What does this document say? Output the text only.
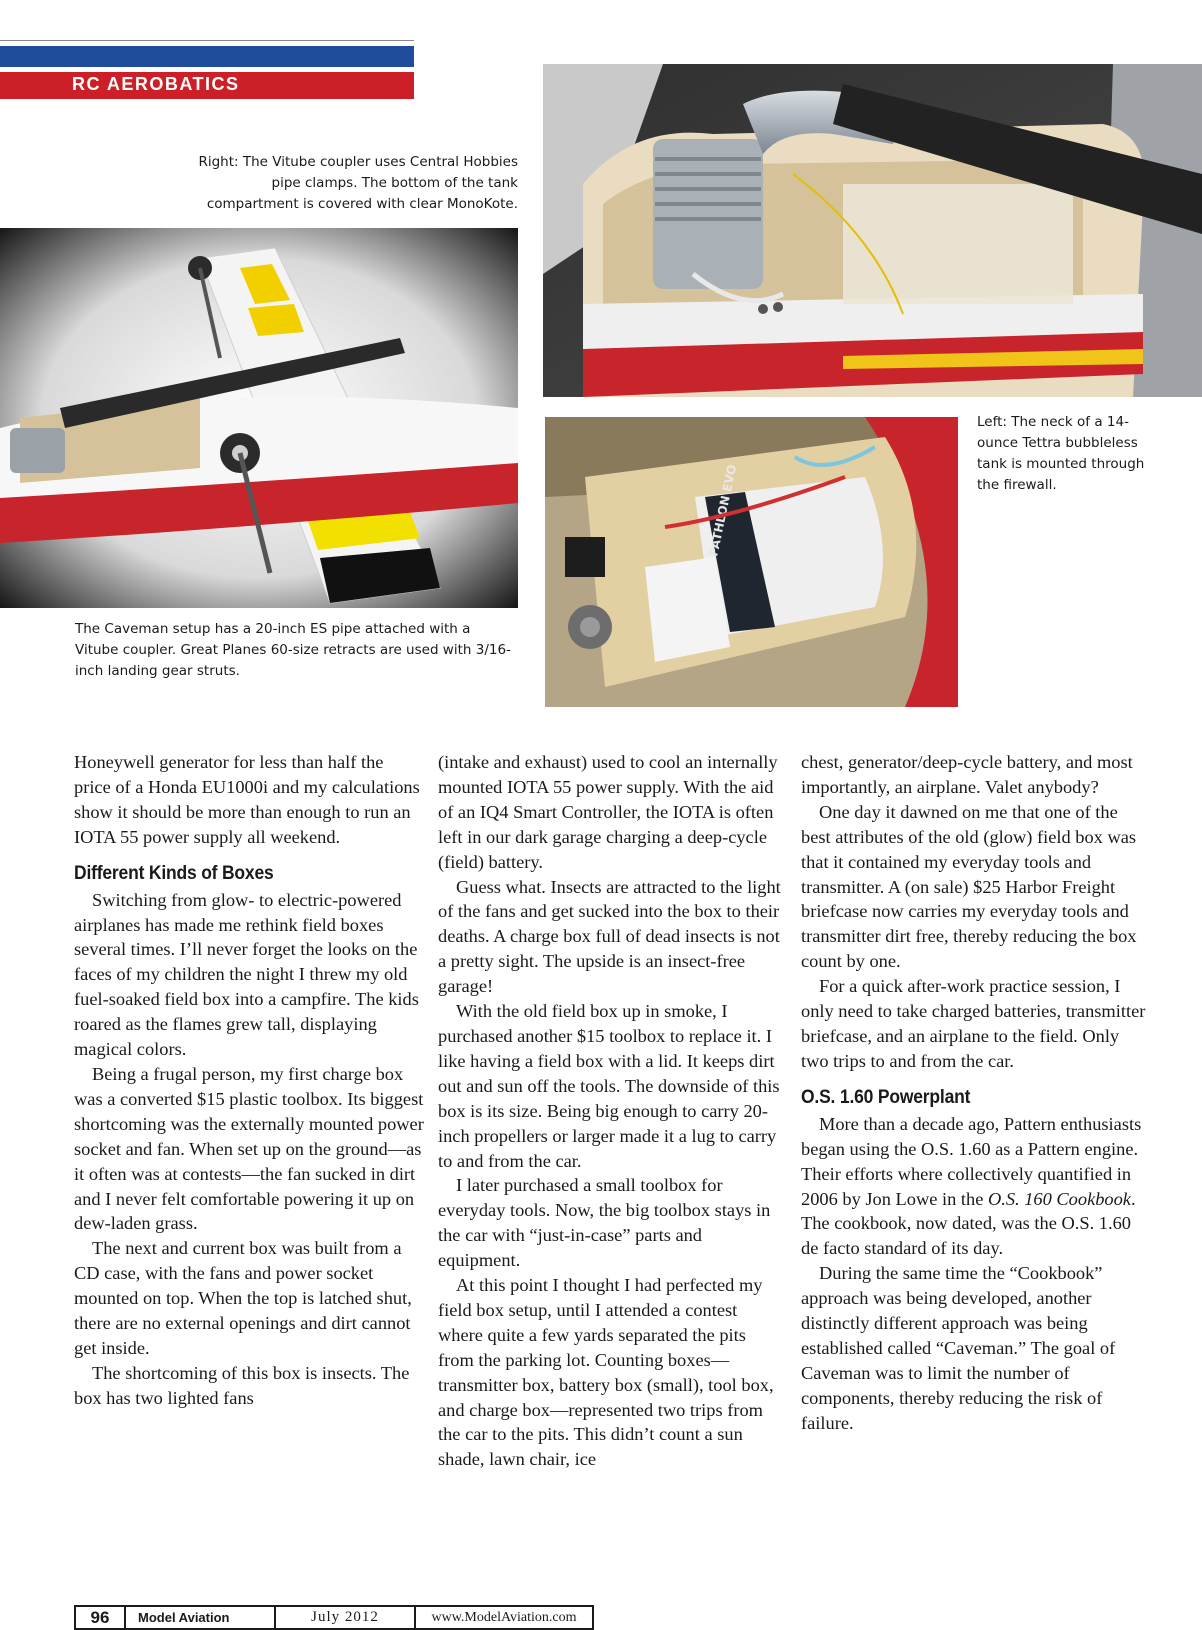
RC AEROBATICS
PATHLON EVO
Right: The Vitube coupler uses Central Hobbies pipe clamps. The bottom of the tank compartment is covered with clear MonoKote.
Left: The neck of a 14-ounce Tettra bubbleless tank is mounted through the firewall.
The Caveman setup has a 20-inch ES pipe attached with a Vitube coupler. Great Planes 60-size retracts are used with 3/16-inch landing gear struts.

Honeywell generator for less than half the price of a Honda EU1000i and my calculations show it should be more than enough to run an IOTA 55 power supply all weekend.

Different Kinds of Boxes

Switching from glow- to electric-powered airplanes has made me rethink field boxes several times. I’ll never forget the looks on the faces of my children the night I threw my old fuel-soaked field box into a campfire. The kids roared as the flames grew tall, displaying magical colors.

Being a frugal person, my first charge box was a converted $15 plastic toolbox. Its biggest shortcoming was the externally mounted power socket and fan. When set up on the ground—as it often was at contests—the fan sucked in dirt and I never felt comfortable powering it up on dew-laden grass.

The next and current box was built from a CD case, with the fans and power socket mounted on top. When the top is latched shut, there are no external openings and dirt cannot get inside.

The shortcoming of this box is insects. The box has two lighted fans

(intake and exhaust) used to cool an internally mounted IOTA 55 power supply. With the aid of an IQ4 Smart Controller, the IOTA is often left in our dark garage charging a deep-cycle (field) battery.

Guess what. Insects are attracted to the light of the fans and get sucked into the box to their deaths. A charge box full of dead insects is not a pretty sight. The upside is an insect-free garage!

With the old field box up in smoke, I purchased another $15 toolbox to replace it. I like having a field box with a lid. It keeps dirt out and sun off the tools. The downside of this box is its size. Being big enough to carry 20-inch propellers or larger made it a lug to carry to and from the car.

I later purchased a small toolbox for everyday tools. Now, the big toolbox stays in the car with “just-in-case” parts and equipment.

At this point I thought I had perfected my field box setup, until I attended a contest where quite a few yards separated the pits from the parking lot. Counting boxes—transmitter box, battery box (small), tool box, and charge box—represented two trips from the car to the pits. This didn’t count a sun shade, lawn chair, ice

chest, generator/deep-cycle battery, and most importantly, an airplane. Valet anybody?

One day it dawned on me that one of the best attributes of the old (glow) field box was that it contained my everyday tools and transmitter. A (on sale) $25 Harbor Freight briefcase now carries my everyday tools and transmitter dirt free, thereby reducing the box count by one.

For a quick after-work practice session, I only need to take charged batteries, transmitter briefcase, and an airplane to the field. Only two trips to and from the car.

O.S. 1.60 Powerplant

More than a decade ago, Pattern enthusiasts began using the O.S. 1.60 as a Pattern engine. Their efforts where collectively quantified in 2006 by Jon Lowe in the O.S. 160 Cookbook. The cookbook, now dated, was the O.S. 1.60 de facto standard of its day.

During the same time the “Cookbook” approach was being developed, another distinctly different approach was being established called “Caveman.” The goal of Caveman was to limit the number of components, thereby reducing the risk of failure.

96	Model Aviation	July 2012	www.ModelAviation.com
